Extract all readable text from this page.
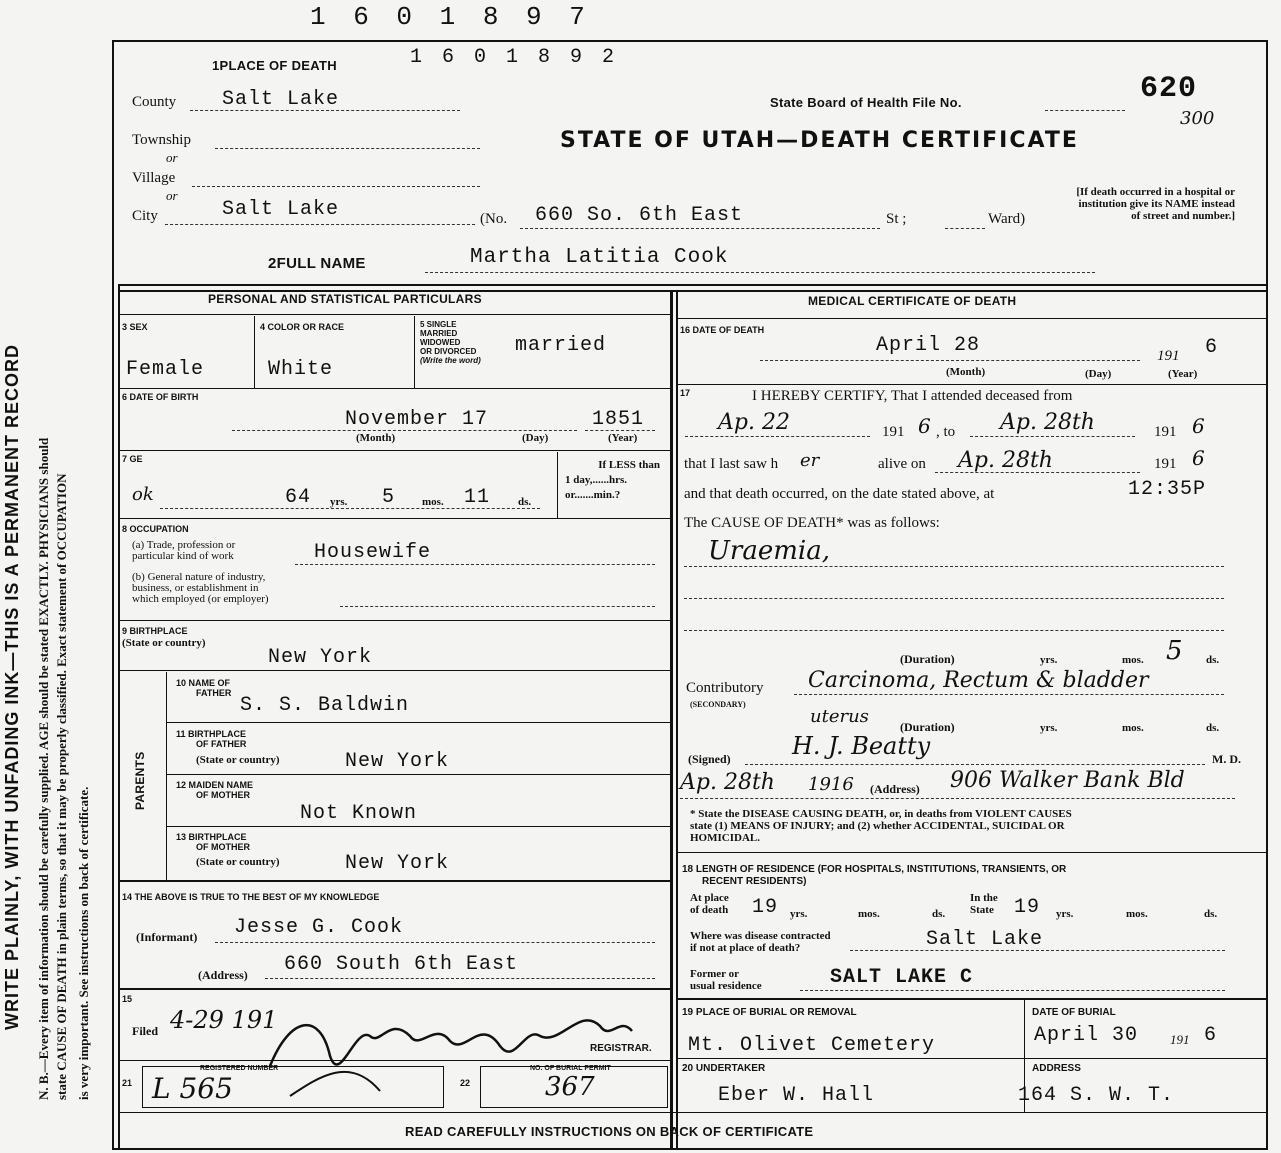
WRITE PLAINLY, WITH UNFADING INK—THIS IS A PERMANENT RECORD N. B.—Every item of information should be carefully supplied. AGE should be stated EXACTLY. PHYSICIANS should state CAUSE OF DEATH in plain terms, so that it may be properly classified. Exact statement of OCCUPATION is very important. See instructions on back of certificate.
1 6 0 1 8 9 7
1 6 0 1 8 9 2
1PLACE OF DEATH
County Salt Lake	State Board of Health File No.	620
300
Township
or
Village
or
City	Salt Lake
STATE OF UTAH—DEATH CERTIFICATE
(No. 660 So. 6th East	St ;	Ward)
[If death occurred in a hospital or institution give its NAME instead of street and number.]
2FULL NAME	Martha Latitia Cook
PERSONAL AND STATISTICAL PARTICULARS	MEDICAL CERTIFICATE OF DEATH
3 SEX
Female
4 COLOR OR RACE
White
5 SINGLE
MARRIED
WIDOWED
OR DIVORCED
(Write the word)
married
6 DATE OF BIRTH
November 17	1851
(Month)	(Day)	(Year)
7 GE
ok	64 yrs. 5 mos. 11	ds.
If LESS than
1 day,......hrs.
or.......min.?
8 OCCUPATION
(a) Trade, profession or
particular kind of work	Housewife
(b) General nature of industry,
business, or establishment in
which employed (or employer)
9 BIRTHPLACE
(State or country)
New York
PARENTS
10 NAME OF
FATHER
S. S. Baldwin
11 BIRTHPLACE
OF FATHER
(State or country)	New York
12 MAIDEN NAME
OF MOTHER
Not Known
13 BIRTHPLACE
OF MOTHER
(State or country)	New York
14 THE ABOVE IS TRUE TO THE BEST OF MY KNOWLEDGE
(Informant) Jesse G. Cook
(Address) 660 South 6th East
15
Filed 4-29 191
REGISTRAR.
21
REGISTERED NUMBER
L 565	22
NO. OF BURIAL PERMIT
367
16 DATE OF DEATH
April 28	191 6
(Month)	(Day)	(Year)
17	I HEREBY CERTIFY, That I attended deceased from
Ap. 22	191 6 , to Ap. 28th	191 6
that I last saw h er	alive on Ap. 28th	191 6
and that death occurred, on the date stated above, at	12:35P
The CAUSE OF DEATH* was as follows:
Uraemia,
(Duration)	yrs.	mos. 5 ds.
Contributory
(SECONDARY)
Carcinoma, Rectum & bladder
uterus	(Duration)	yrs.	mos.	ds.
(Signed)	H. J. Beatty	M. D.
Ap. 28th 1916 (Address) 906 Walker Bank Bld
* State the DISEASE CAUSING DEATH, or, in deaths from VIOLENT CAUSES
state (1) MEANS OF INJURY; and (2) whether ACCIDENTAL, SUICIDAL OR
HOMICIDAL.
18 LENGTH OF RESIDENCE (FOR HOSPITALS, INSTITUTIONS, TRANSIENTS, OR
RECENT RESIDENTS)
At place
of death 19 yrs.	mos.	ds.
In the
State 19 yrs.	mos.	ds.
Where was disease contracted
if not at place of death?	Salt Lake
Former or
usual residence	SALT LAKE C
19 PLACE OF BURIAL OR REMOVAL
Mt. Olivet Cemetery
DATE OF BURIAL
April 30 191 6
20 UNDERTAKER
Eber W. Hall
ADDRESS
164 S. W. T.
READ CAREFULLY INSTRUCTIONS ON BACK OF CERTIFICATE
